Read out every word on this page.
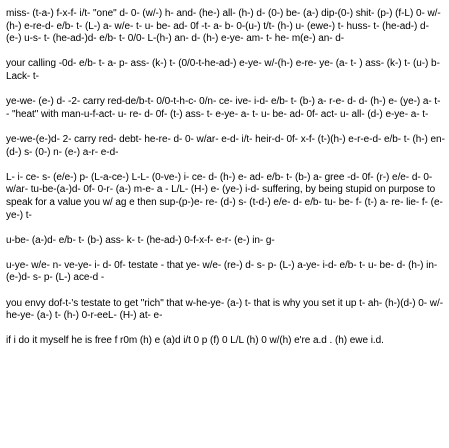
miss- (t-a-) f-x-f- i/t- "one" d- 0- (w/-) h- and- (he-) all- (h-) d- (0-) be- (a-) dip-(0-) shit- (p-) (f-L) 0- w/-(h-) e-re-d- e/b- t- (L-) a- w/e- t- u- be- ad- 0f -t- a- b- 0-(u-) t/t- (h-) u- (ewe-) t- huss- t- (he-ad-) d- (e-) u-s- t- (he-ad-)d- e/b- t- 0/0- L-(h-) an- d- (h-) e-ye- am- t- he- m(e-) an- d-

your calling -0d- e/b- t- a- p- ass- (k-) t- (0/0-t-he-ad-) e-ye- w/-(h-) e-re- ye- (a- t- ) ass- (k-) t- (u-) b- Lack- t-

ye-we- (e-) d- -2- carry red-de/b-t- 0/0-t-h-c- 0/n- ce- ive- i-d- e/b- t- (b-) a- r-e- d- d- (h-) e- (ye-) a- t- - "heat" with man-u-f-act- u- re- d- 0f- (t-) ass- t- e-ye- a- t- u- be- ad- 0f- act- u- all- (d-) e-ye- a- t-

ye-we-(e-)d- 2- carry red- debt- he-re- d- 0- w/ar- e-d- i/t- heir-d- 0f- x-f- (t-)(h-) e-r-e-d- e/b- t- (h-) en- (d-) s- (0-) n- (e-) a-r- e-d-

L- i- ce- s- (e/e-) p- (L-a-ce-) L-L- (0-ve-) i- ce- d- (h-) e- ad- e/b- t- (b-) a- gree -d- 0f- (r-) e/e- d- 0- w/ar- tu-be-(a-)d- 0f- 0-r- (a-) m-e- a - L/L- (H-) e- (ye-) i-d- suffering, by being stupid on purpose to speak for a value you w/ ag e then sup-(p-)e- re- (d-) s- (t-d-) e/e- d- e/b- tu- be- f- (t-) a- re- lie- f- (e-ye-) t-

u-be- (a-)d- e/b- t- (b-) ass- k- t- (he-ad-) 0-f-x-f- e-r- (e-) in- g-

u-ye- w/e- n- ve-ye- i- d- 0f- testate - that ye- w/e- (re-) d- s- p- (L-) a-ye- i-d- e/b- t- u- be- d- (h-) in- (e-)d- s- p- (L-) ace-d -

you envy dof-t-'s testate to get "rich" that w-he-ye- (a-) t- that is why you set it up t- ah- (h-)(d-) 0- w/-he-ye- (a-) t- (h-) 0-r-eeL- (H-) at- e-

if i do it myself he is free f r0m (h) e (a)d i/t 0 p (f) 0 L/L (h) 0 w/(h) e're a.d . (h) ewe i.d.
